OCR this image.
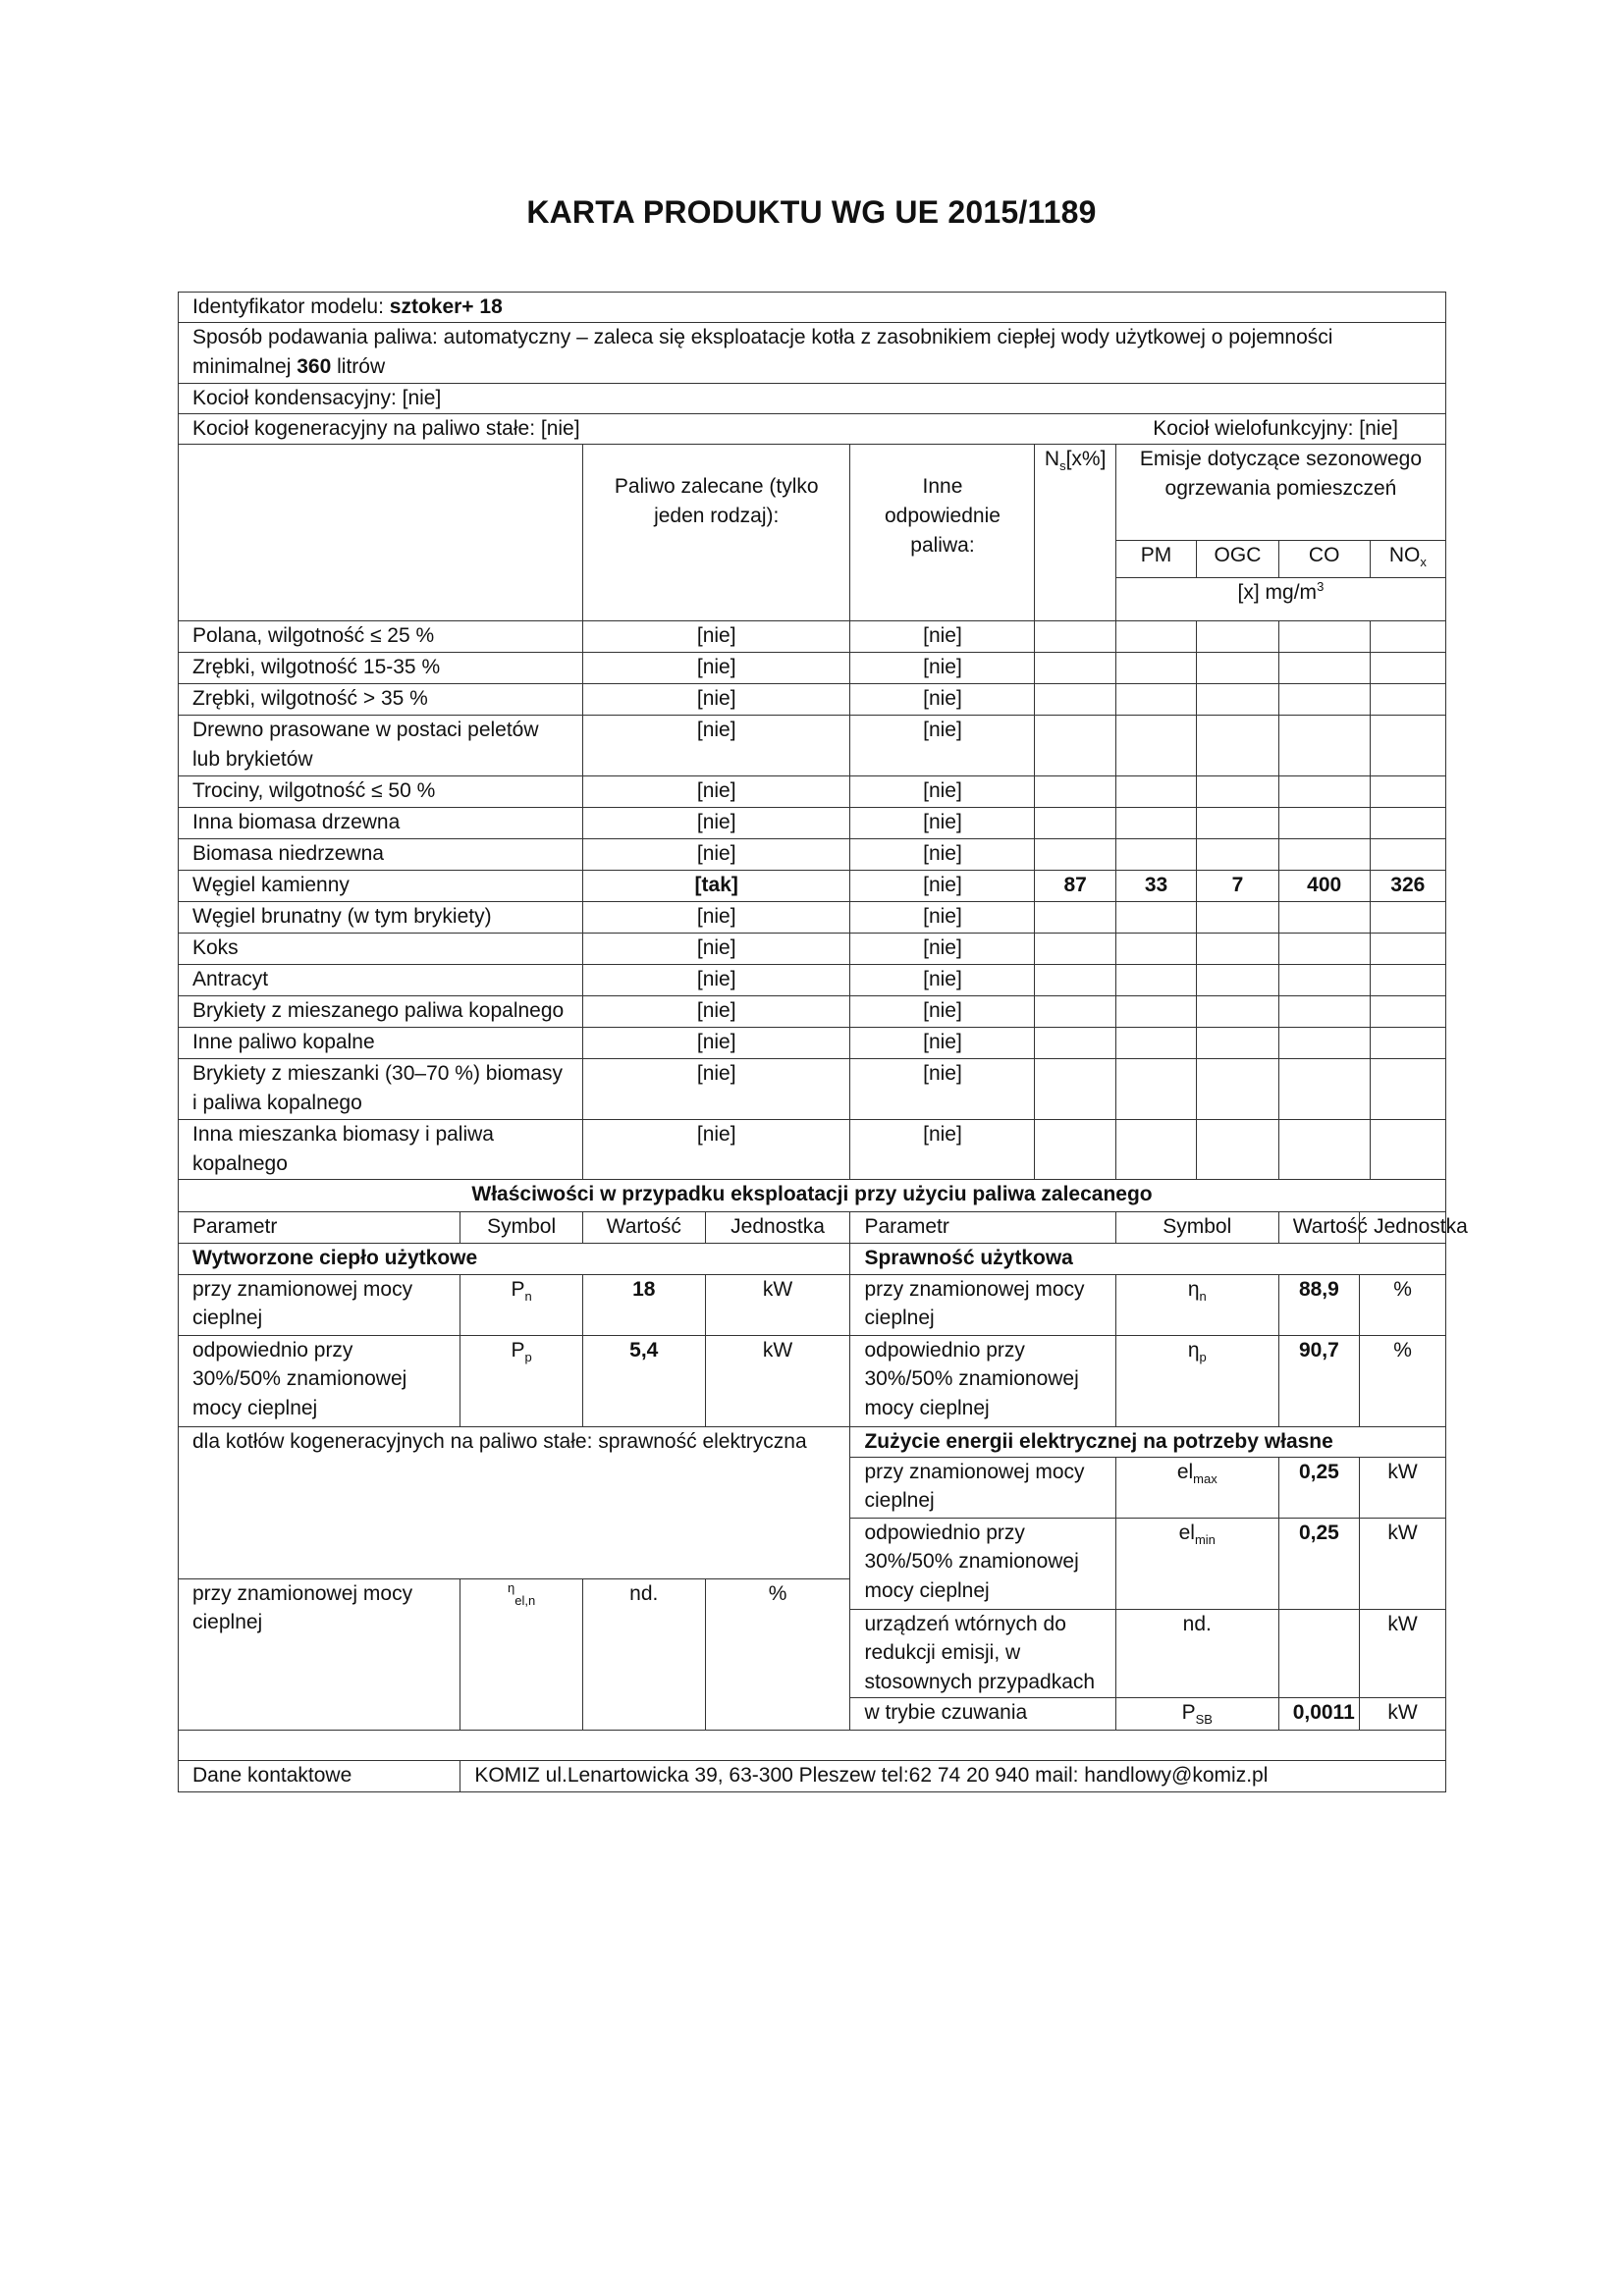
KARTA PRODUKTU WG UE 2015/1189
Identyfikator modelu: sztoker+ 18										
Sposób podawania paliwa: automatyczny – zaleca się eksploatacje kotła z zasobnikiem ciepłej wody użytkowej o pojemności minimalnej 360 litrów										
Kocioł kondensacyjny: [nie]										

Kocioł kogeneracyjny na paliwo stałe: [nie] Kocioł wielofunkcyjny: [nie]										

		Paliwo zalecane (tylko jeden rodzaj):		Inne odpowiednie paliwa:	$N_s[x\%]$	Emisje dotyczące sezonowego ogrzewania pomieszczeń				
						PM	OGC	CO		$NO_x$
						[x] $mg/m^3$
Polana, wilgotność ≤ 25 %		[nie]		[nie]						
Zrębki, wilgotność 15-35 %		[nie]		[nie]						
Zrębki, wilgotność > 35 %		[nie]		[nie]						
Drewno prasowane w postaci peletów lub brykietów		[nie]		[nie]						
Trociny, wilgotność ≤ 50 %		[nie]		[nie]						
Inna biomasa drzewna		[nie]		[nie]						
Biomasa niedrzewna		[nie]		[nie]						
Węgiel kamienny		[tak]		[nie]	87	33	7	400		326
Węgiel brunatny (w tym brykiety)		[nie]		[nie]						
Koks		[nie]		[nie]						
Antracyt		[nie]		[nie]						
Brykiety z mieszanego paliwa kopalnego		[nie]		[nie]						
Inne paliwo kopalne		[nie]		[nie]						
Brykiety z mieszanki (30–70 %) biomasy i paliwa kopalnego		[nie]		[nie]						
Inna mieszanka biomasy i paliwa kopalnego		[nie]		[nie]						
Właściwości w przypadku eksploatacji przy użyciu paliwa zalecanego										
Parametr	Symbol	Wartość	Jednostka	Parametr		Symbol		Wartość	Jednostka	
Wytworzone ciepło użytkowe				Sprawność użytkowa						
przy znamionowej mocy cieplnej	$P_n$	18	kW	przy znamionowej mocy cieplnej		$\eta_n$		88,9	%	
odpowiednio przy 30%/50% znamionowej mocy cieplnej	$P_p$	5,4	kW	odpowiednio przy 30%/50% znamionowej mocy cieplnej		$\eta_p$		90,7	%	
dla kotłów kogeneracyjnych na paliwo stałe: sprawność elektryczna				Zużycie energii elektrycznej na potrzeby własne						
				przy znamionowej mocy cieplnej		$el_{max}$		0,25	kW	
				odpowiednio przy 30%/50% znamionowej mocy cieplnej		$el_{min}$		0,25	kW	
przy znamionowej mocy cieplnej	$^\eta_{el,n}$	nd.	%							
				urządzeń wtórnych do redukcji emisji, w stosownych przypadkach		nd.			kW	
				w trybie czuwania		$P_{SB}$		0,0011	kW	

Dane kontaktowe	KOMIZ ul.Lenartowicka 39, 63-300 Pleszew tel:62 74 20 940 mail: handlowy@komiz.pl									
